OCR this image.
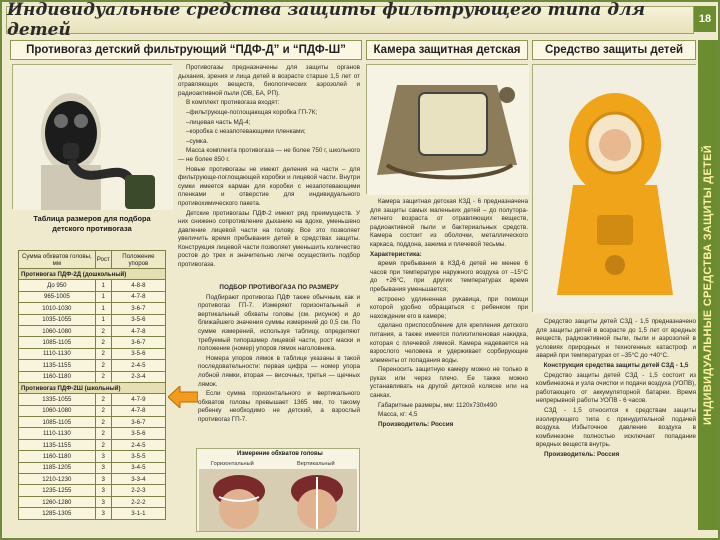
Индивидуальные средства защиты фильтрующего типа для детей
18
ИНДИВИДУАЛЬНЫЕ СРЕДСТВА ЗАЩИТЫ ДЕТЕЙ
Противогаз детский фильтрующий “ПДФ-Д” и “ПДФ-Ш”	Камера защитная детская	Средство защиты детей

Противогазы предназначены для защиты органов дыхания, зрения и лица детей в возрасте старше 1,5 лет от отравляющих веществ, биологических аэрозолей и радиоактивной пыли (ОВ, БА, РП).

В комплект противогаза входят:

–фильтрующе-поглощающая коробка ГП-7К;

–лицевая часть МД-4;

–коробка с незапотевающими пленками;

–сумка.

Масса комплекта противогаза — не более 750 г, школьного — не более 850 г.

Новые противогазы не имеют деления на части – для фильтрующе-поглощающей коробки и лицевой части. Внутри сумки имеется карман для коробки с незапотевающими пленками и отверстие для индивидуального противохимического пакета.

Детские противогазы ПДФ-2 имеют ряд преимуществ. У них снижено сопротивление дыханию на вдохе, уменьшено давление лицевой части на голову. Все это позволяет увеличить время пребывания детей в средствах защиты. Конструкция лицевой части позволяет уменьшить количество ростов до трех и значительно легче осуществить подбор противогаза.

ПОДБОР ПРОТИВОГАЗА ПО РАЗМЕРУ

Подбирают противогаз ПДФ также обычным, как и противогаз ГП-7. Измеряют горизонтальный и вертикальный обхваты головы (см. рисунок) и до ближайшего значения суммы измерений до 0,5 см. По сумме измерений, используя таблицу, определяют требуемый типоразмер лицевой части, рост маски и положение (номер) упоров лямок наголовника.

Номера упоров лямок в таблице указаны в такой последовательности: первая цифра — номер упора лобной лямки, вторая — височных, третья — щечных лямок.

Если сумма горизонтального и вертикального обхватов головы превышает 1365 мм, то такому ребенку необходимо не детский, а взрослый противогаз ГП-7.

Измерение обхватов головы
Горизонтальный	Вертикальный
Таблица размеров для подбора детского противогаза
Сумма обхватов головы, мм	Рост	Положение упоров
Противогаз ПДФ-2Д (дошкольный)		
До 950	1	4-8-8
965-1005	1	4-7-8
1010-1030	1	3-6-7
1035-1055	1	3-5-6
1060-1080	2	4-7-8
1085-1105	2	3-6-7
1110-1130	2	3-5-6
1135-1155	2	2-4-5
1160-1180	2	2-3-4
Противогаз ПДФ-2Ш (школьный)		
1335-1055	2	4-7-9
1060-1080	2	4-7-8
1085-1105	2	3-6-7
1110-1130	2	3-5-6
1135-1155	2	2-4-5
1160-1180	3	3-5-5
1185-1205	3	3-4-5
1210-1230	3	3-3-4
1235-1255	3	2-2-3
1260-1280	3	2-2-2
1285-1305	3	3-1-1

Камера защитная детская КЗД - 6 предназначена для защиты самых маленьких детей – до полутора-летнего возраста от отравляющих веществ, радиоактивной пыли и бактериальных средств. Камера состоит из оболочки, металлического каркаса, поддона, зажима и плечевой тесьмы.

Характеристика:

время пребывания в КЗД-6 детей не менее 6 часов при температуре наружного воздуха от –15°С до +26°С, при других температурах время пребывания уменьшается;

встроено удлиненная рукавица, при помощи которой удобно обращаться с ребенком при нахождении его в камере;

сделано приспособление для крепления детского питания, а также имеется полиэтиленовая накидка, которая с плечевой лямкой. Камера надевается на взрослого человека и удерживает сорбирующие элементы от попадания воды.

Переносить защитную камеру можно не только в руках или через плечо. Ее также можно устанавливать на другой детской коляске или на санках.

Габаритные размеры, мм: 1120х730х490

Масса, кг: 4,5

Производитель: Россия

Средство защиты детей СЗД - 1,5 предназначено для защиты детей в возрасте до 1,5 лет от вредных веществ, радиоактивной пыли, пыли и аэрозолей в условиях природных и техногенных катастроф и аварий при температурах от –35°С до +40°С.

Конструкция средства защиты детей СЗД - 1,5

Средство защиты детей СЗД - 1,5 состоит из комбинезона и узла очистки и подачи воздуха (УОПВ), работающего от аккумуляторной батареи. Время непрерывной работы УОПВ - 6 часов.

СЗД - 1,5 относится к средствам защиты изолирующего типа с принудительной подачей воздуха. Избыточное давление воздуха в комбинезоне полностью исключает попадание вредных веществ внутрь.

Производитель: Россия
